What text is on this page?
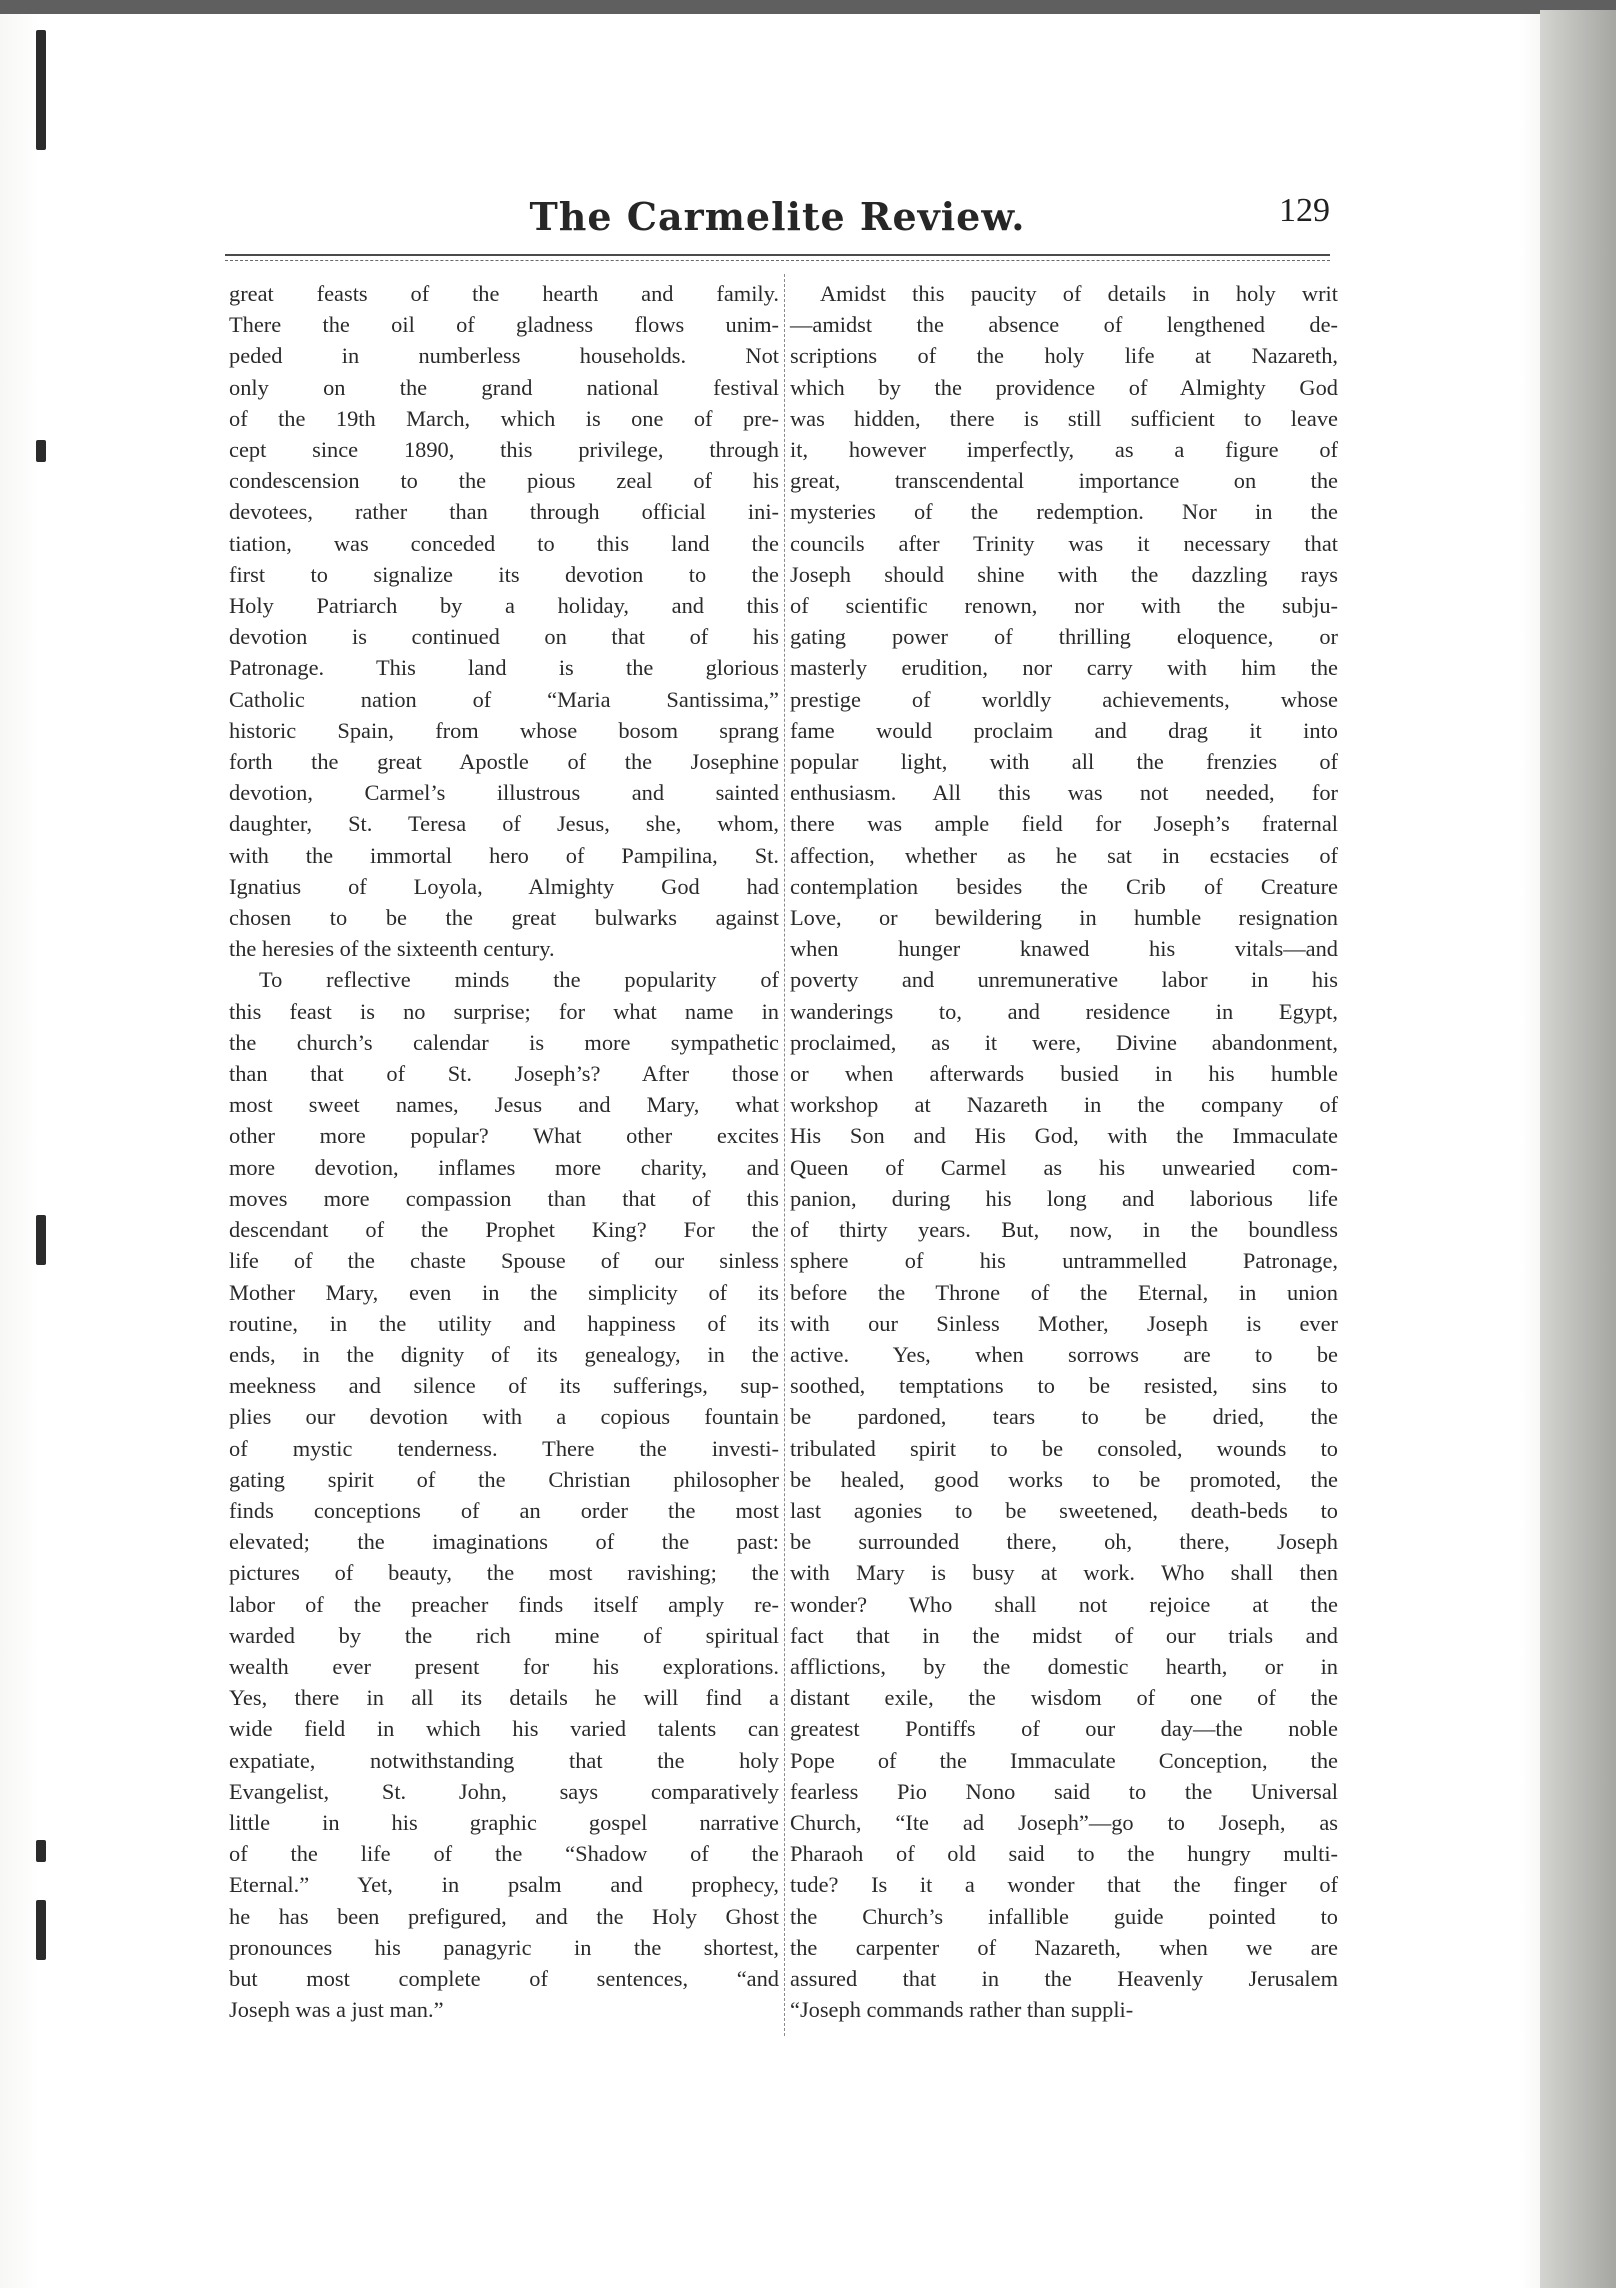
The Carmelite Review.	129

great feasts of the hearth and family.
There the oil of gladness flows unim-
peded in numberless households. Not
only on the grand national festival
of the 19th March, which is one of pre-
cept since 1890, this privilege, through
condescension to the pious zeal of his
devotees, rather than through official ini-
tiation, was conceded to this land the
first to signalize its devotion to the
Holy Patriarch by a holiday, and this
devotion is continued on that of his
Patronage. This land is the glorious
Catholic nation of “Maria Santissima,”
historic Spain, from whose bosom sprang
forth the great Apostle of the Josephine
devotion, Carmel’s illustrous and sainted
daughter, St. Teresa of Jesus, she, whom,
with the immortal hero of Pampilina, St.
Ignatius of Loyola, Almighty God had
chosen to be the great bulwarks against
the heresies of the sixteenth century.

To reflective minds the popularity of
this feast is no surprise; for what name in
the church’s calendar is more sympathetic
than that of St. Joseph’s? After those
most sweet names, Jesus and Mary, what
other more popular? What other excites
more devotion, inflames more charity, and
moves more compassion than that of this
descendant of the Prophet King? For the
life of the chaste Spouse of our sinless
Mother Mary, even in the simplicity of its
routine, in the utility and happiness of its
ends, in the dignity of its genealogy, in the
meekness and silence of its sufferings, sup-
plies our devotion with a copious fountain
of mystic tenderness. There the investi-
gating spirit of the Christian philosopher
finds conceptions of an order the most
elevated; the imaginations of the past:
pictures of beauty, the most ravishing; the
labor of the preacher finds itself amply re-
warded by the rich mine of spiritual
wealth ever present for his explorations.
Yes, there in all its details he will find a
wide field in which his varied talents can
expatiate, notwithstanding that the holy
Evangelist, St. John, says comparatively
little in his graphic gospel narrative
of the life of the “Shadow of the
Eternal.” Yet, in psalm and prophecy,
he has been prefigured, and the Holy Ghost
pronounces his panagyric in the shortest,
but most complete of sentences, “and
Joseph was a just man.”

Amidst this paucity of details in holy writ
—amidst the absence of lengthened de-
scriptions of the holy life at Nazareth,
which by the providence of Almighty God
was hidden, there is still sufficient to leave
it, however imperfectly, as a figure of
great, transcendental importance on the
mysteries of the redemption. Nor in the
councils after Trinity was it necessary that
Joseph should shine with the dazzling rays
of scientific renown, nor with the subju-
gating power of thrilling eloquence, or
masterly erudition, nor carry with him the
prestige of worldly achievements, whose
fame would proclaim and drag it into
popular light, with all the frenzies of
enthusiasm. All this was not needed, for
there was ample field for Joseph’s fraternal
affection, whether as he sat in ecstacies of
contemplation besides the Crib of Creature
Love, or bewildering in humble resignation
when hunger knawed his vitals—and
poverty and unremunerative labor in his
wanderings to, and residence in Egypt,
proclaimed, as it were, Divine abandonment,
or when afterwards busied in his humble
workshop at Nazareth in the company of
His Son and His God, with the Immaculate
Queen of Carmel as his unwearied com-
panion, during his long and laborious life
of thirty years. But, now, in the boundless
sphere of his untrammelled Patronage,
before the Throne of the Eternal, in union
with our Sinless Mother, Joseph is ever
active. Yes, when sorrows are to be
soothed, temptations to be resisted, sins to
be pardoned, tears to be dried, the
tribulated spirit to be consoled, wounds to
be healed, good works to be promoted, the
last agonies to be sweetened, death-beds to
be surrounded there, oh, there, Joseph
with Mary is busy at work. Who shall then
wonder? Who shall not rejoice at the
fact that in the midst of our trials and
afflictions, by the domestic hearth, or in
distant exile, the wisdom of one of the
greatest Pontiffs of our day—the noble
Pope of the Immaculate Conception, the
fearless Pio Nono said to the Universal
Church, “Ite ad Joseph”—go to Joseph, as
Pharaoh of old said to the hungry multi-
tude? Is it a wonder that the finger of
the Church’s infallible guide pointed to
the carpenter of Nazareth, when we are
assured that in the Heavenly Jerusalem
“Joseph commands rather than suppli-
